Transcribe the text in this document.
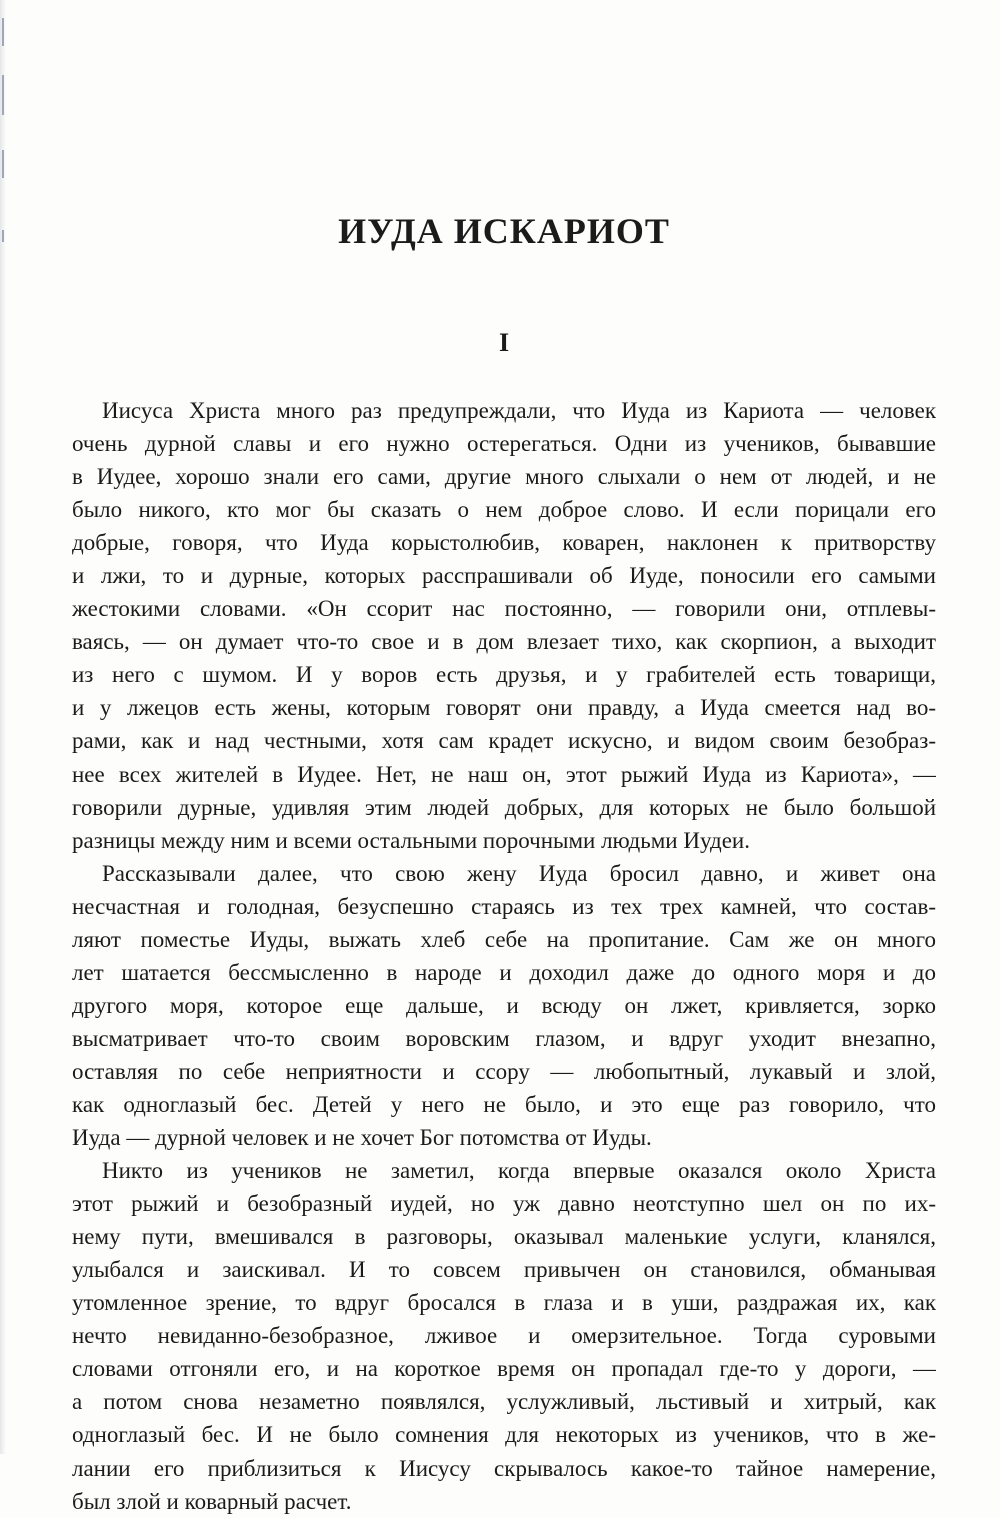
ИУДА ИСКАРИОТ
I
Иисуса Христа много раз предупреждали, что Иуда из Кариота — человек
очень дурной славы и его нужно остерегаться. Одни из учеников, бывавшие
в Иудее, хорошо знали его сами, другие много слыхали о нем от людей, и не
было никого, кто мог бы сказать о нем доброе слово. И если порицали его
добрые, говоря, что Иуда корыстолюбив, коварен, наклонен к притворству
и лжи, то и дурные, которых расспрашивали об Иуде, поносили его самыми
жестокими словами. «Он ссорит нас постоянно, — говорили они, отплевы-
ваясь, — он думает что-то свое и в дом влезает тихо, как скорпион, а выходит
из него с шумом. И у воров есть друзья, и у грабителей есть товарищи,
и у лжецов есть жены, которым говорят они правду, а Иуда смеется над во-
рами, как и над честными, хотя сам крадет искусно, и видом своим безобраз-
нее всех жителей в Иудее. Нет, не наш он, этот рыжий Иуда из Кариота», —
говорили дурные, удивляя этим людей добрых, для которых не было большой
разницы между ним и всеми остальными порочными людьми Иудеи.
Рассказывали далее, что свою жену Иуда бросил давно, и живет она
несчастная и голодная, безуспешно стараясь из тех трех камней, что состав-
ляют поместье Иуды, выжать хлеб себе на пропитание. Сам же он много
лет шатается бессмысленно в народе и доходил даже до одного моря и до
другого моря, которое еще дальше, и всюду он лжет, кривляется, зорко
высматривает что-то своим воровским глазом, и вдруг уходит внезапно,
оставляя по себе неприятности и ссору — любопытный, лукавый и злой,
как одноглазый бес. Детей у него не было, и это еще раз говорило, что
Иуда — дурной человек и не хочет Бог потомства от Иуды.
Никто из учеников не заметил, когда впервые оказался около Христа
этот рыжий и безобразный иудей, но уж давно неотступно шел он по их-
нему пути, вмешивался в разговоры, оказывал маленькие услуги, кланялся,
улыбался и заискивал. И то совсем привычен он становился, обманывая
утомленное зрение, то вдруг бросался в глаза и в уши, раздражая их, как
нечто невиданно-безобразное, лживое и омерзительное. Тогда суровыми
словами отгоняли его, и на короткое время он пропадал где-то у дороги, —
а потом снова незаметно появлялся, услужливый, льстивый и хитрый, как
одноглазый бес. И не было сомнения для некоторых из учеников, что в же-
лании его приблизиться к Иисусу скрывалось какое-то тайное намерение,
был злой и коварный расчет.
